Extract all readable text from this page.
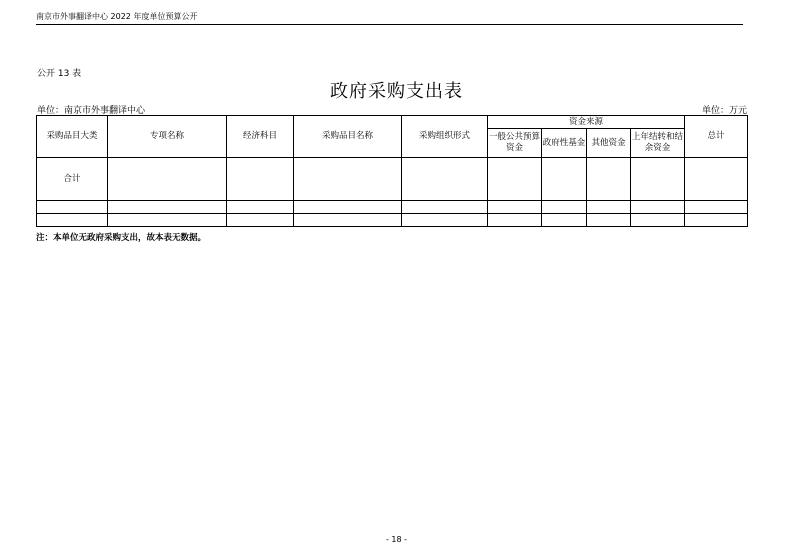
南京市外事翻译中心 2022 年度单位预算公开
公开 13 表
政府采购支出表
单位：南京市外事翻译中心	单位：万元
采购品目大类	专项名称	经济科目	采购品目名称	采购组织形式	资金来源				总计
					一般公共预算资金	政府性基金	其他资金	上年结转和结余资金	
合计									

注：本单位无政府采购支出，故本表无数据。
- 18 -
